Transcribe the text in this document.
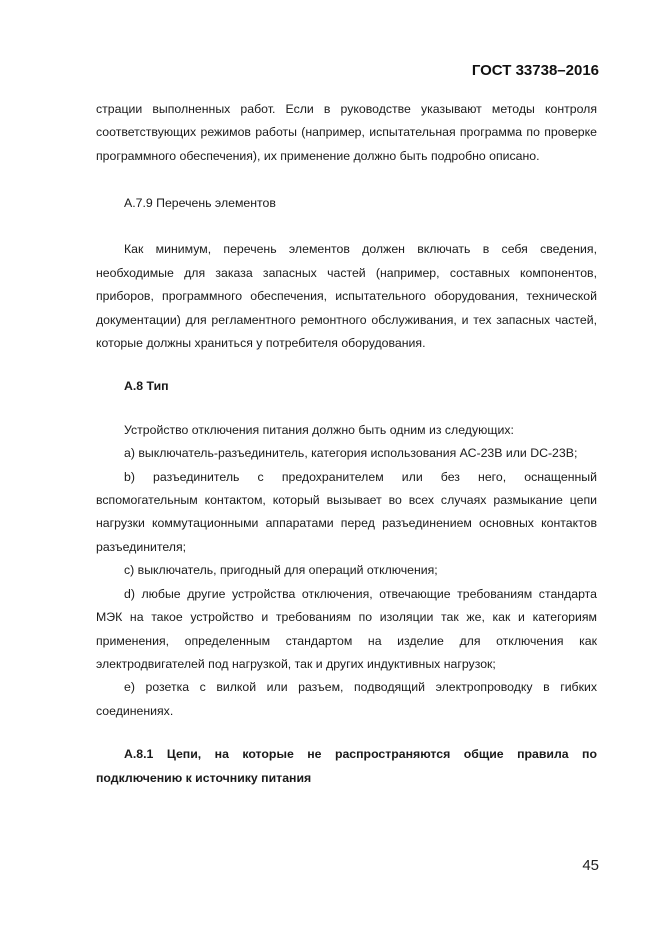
ГОСТ 33738–2016

страции выполненных работ. Если в руководстве указывают методы контроля соответствующих режимов работы (например, испытательная программа по проверке программного обеспечения), их применение должно быть подробно описано.

А.7.9 Перечень элементов

Как минимум, перечень элементов должен включать в себя сведения, необходимые для заказа запасных частей (например, составных компонентов, приборов, программного обеспечения, испытательного оборудования, технической документации) для регламентного ремонтного обслуживания, и тех запасных частей, которые должны храниться у потребителя оборудования.

А.8 Тип

Устройство отключения питания должно быть одним из следующих:

а) выключатель-разъединитель, категория использования АС-23В или DC-23В;

b) разъединитель с предохранителем или без него, оснащенный вспомогательным контактом, который вызывает во всех случаях размыкание цепи нагрузки коммутационными аппаратами перед разъединением основных контактов разъединителя;

c) выключатель, пригодный для операций отключения;

d) любые другие устройства отключения, отвечающие требованиям стандарта МЭК на такое устройство и требованиям по изоляции так же, как и категориям применения, определенным стандартом на изделие для отключения как электродвигателей под нагрузкой, так и других индуктивных нагрузок;

е) розетка с вилкой или разъем, подводящий электропроводку в гибких соединениях.

А.8.1 Цепи, на которые не распространяются общие правила по подключению к источнику питания

45
